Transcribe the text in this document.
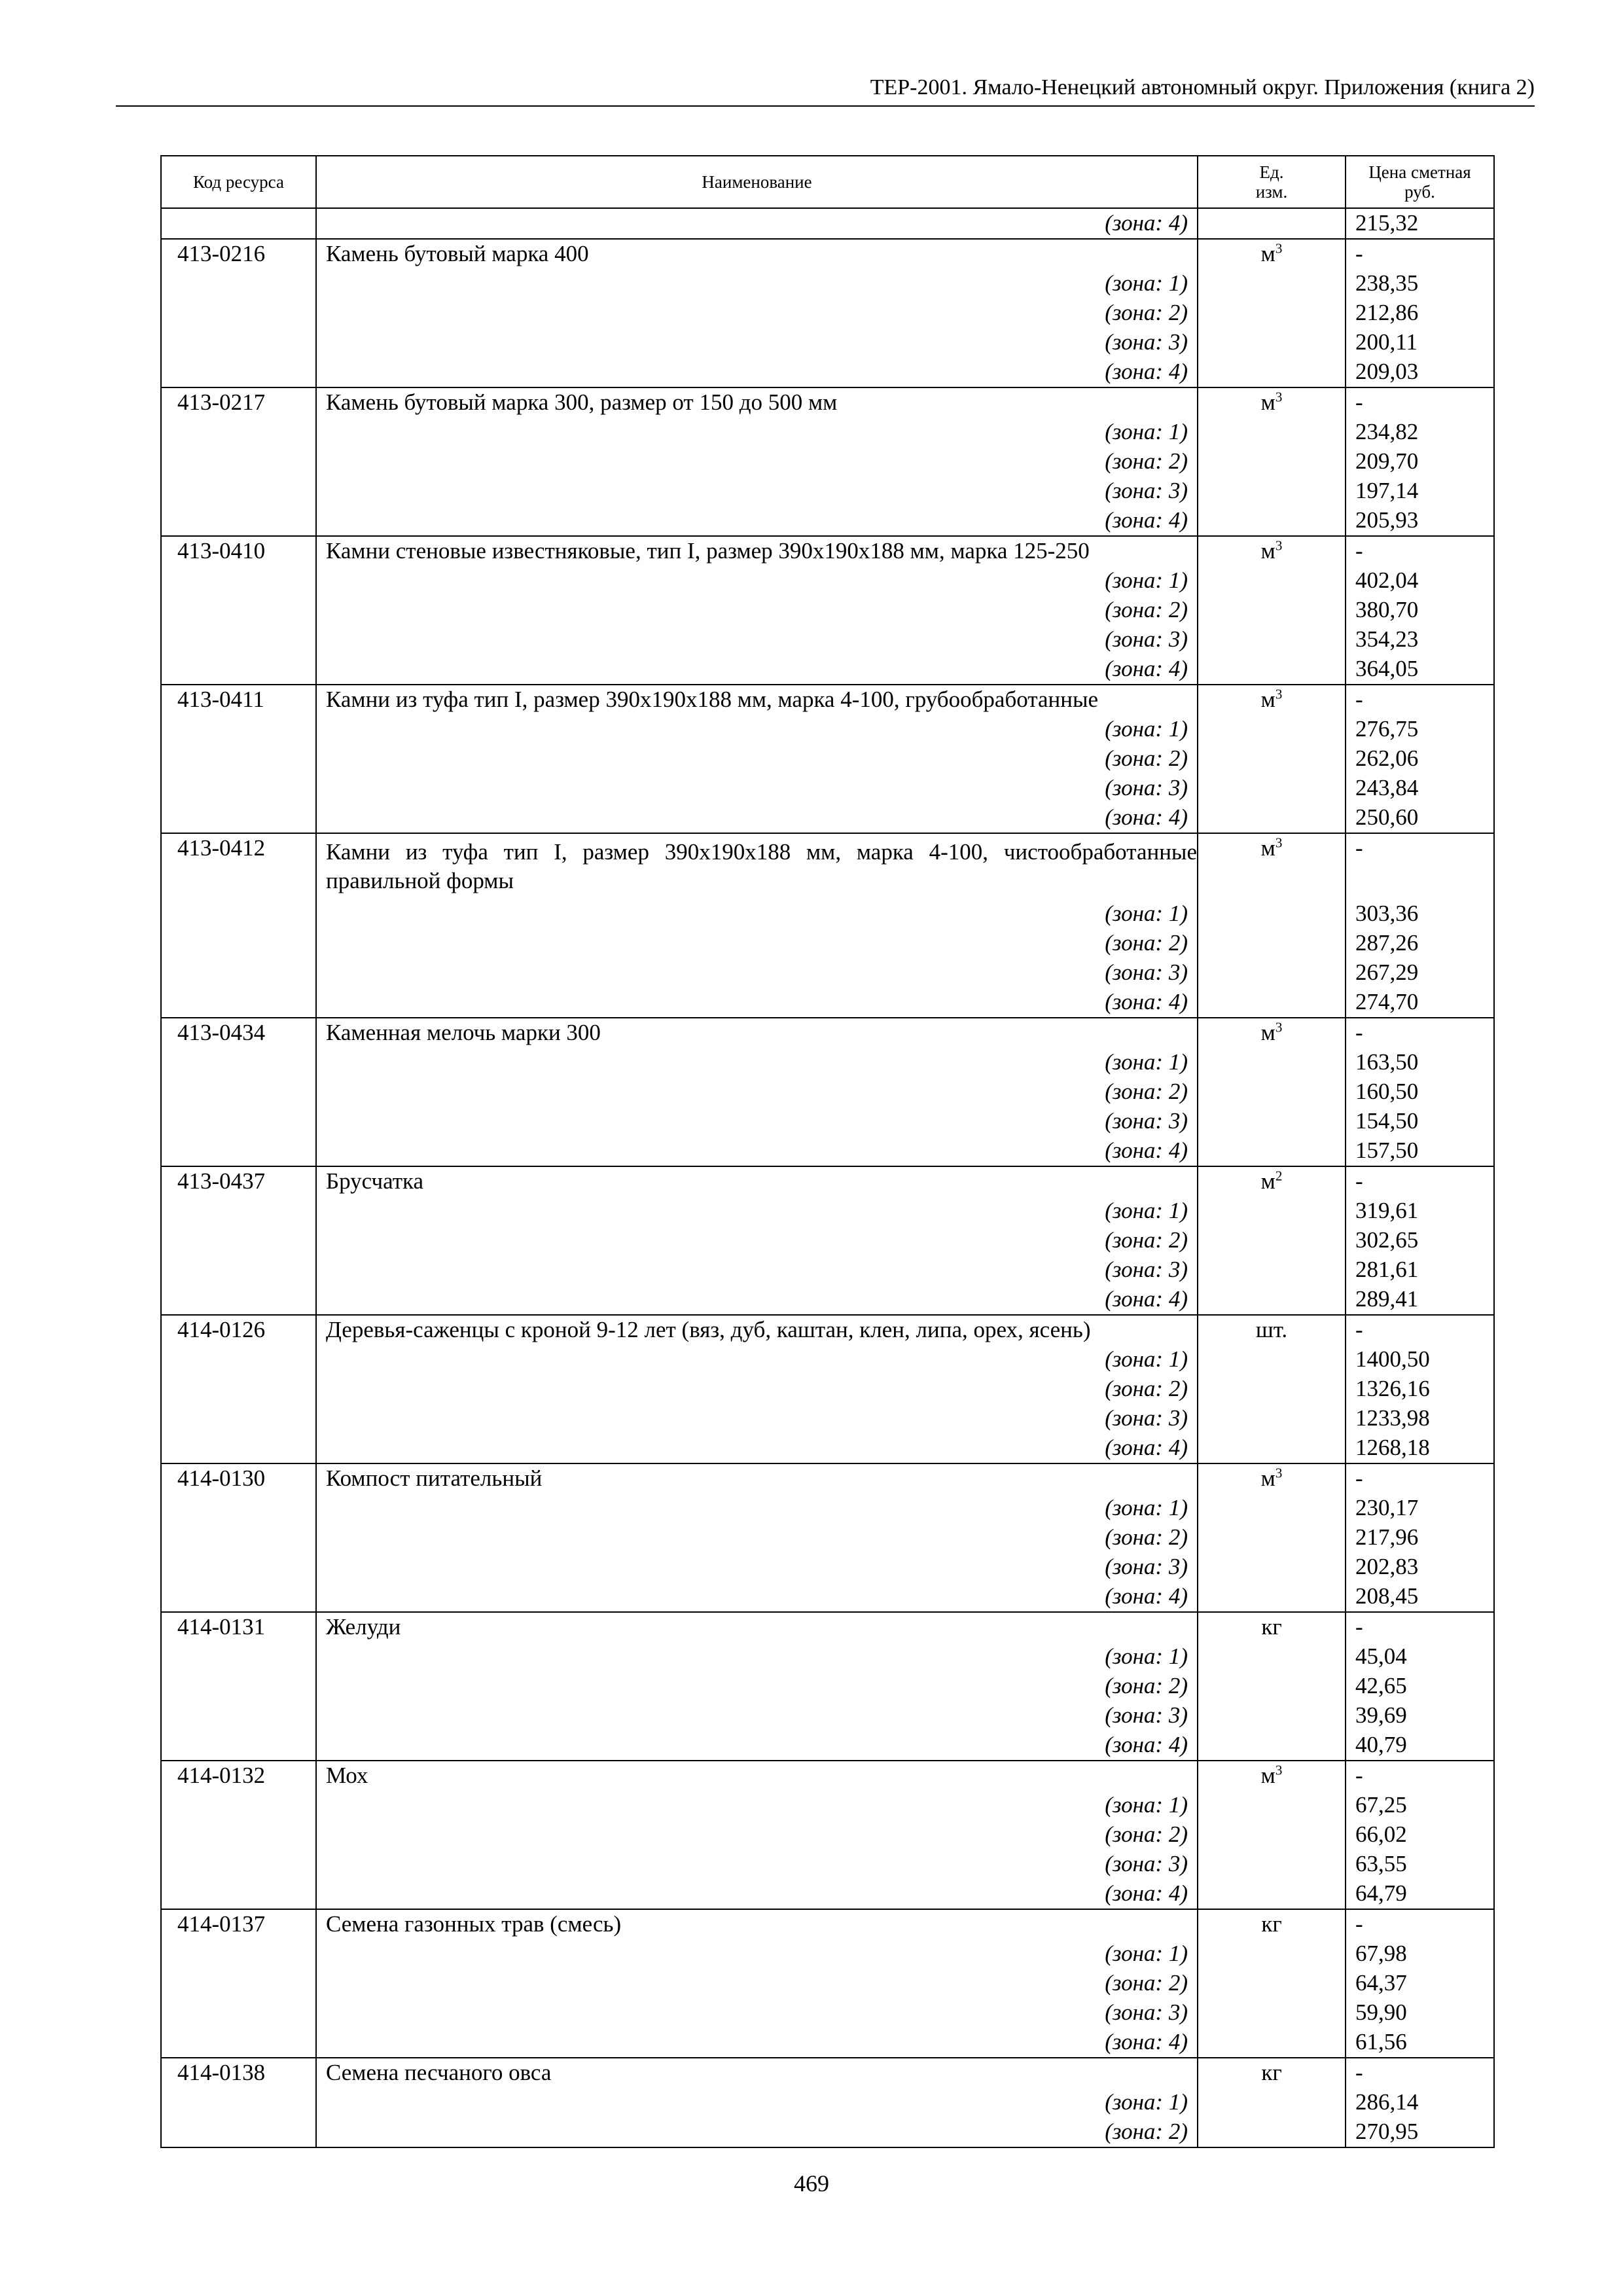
ТЕР-2001. Ямало-Ненецкий автономный округ. Приложения (книга 2)
Код ресурса	Наименование	Ед. изм.	Цена сметная руб.
	(зона: 4)		215,32
413-0216	Камень бутовый марка 400	$м^3$	-
	(зона: 1)		238,35
	(зона: 2)		212,86
	(зона: 3)		200,11
	(зона: 4)		209,03
413-0217	Камень бутовый марка 300, размер от 150 до 500 мм	$м^3$	-
	(зона: 1)		234,82
	(зона: 2)		209,70
	(зона: 3)		197,14
	(зона: 4)		205,93
413-0410	Камни стеновые известняковые, тип I, размер 390x190x188 мм, марка 125-250	$м^3$	-
	(зона: 1)		402,04
	(зона: 2)		380,70
	(зона: 3)		354,23
	(зона: 4)		364,05
413-0411	Камни из туфа тип I, размер 390x190x188 мм, марка 4-100, грубообработанные	$м^3$	-
	(зона: 1)		276,75
	(зона: 2)		262,06
	(зона: 3)		243,84
	(зона: 4)		250,60
413-0412	Камни из туфа тип I, размер 390x190x188 мм, марка 4-100, чистообработанные правильной формы	$м^3$	-
	(зона: 1)		303,36
	(зона: 2)		287,26
	(зона: 3)		267,29
	(зона: 4)		274,70
413-0434	Каменная мелочь марки 300	$м^3$	-
	(зона: 1)		163,50
	(зона: 2)		160,50
	(зона: 3)		154,50
	(зона: 4)		157,50
413-0437	Брусчатка	$м^2$	-
	(зона: 1)		319,61
	(зона: 2)		302,65
	(зона: 3)		281,61
	(зона: 4)		289,41
414-0126	Деревья-саженцы с кроной 9-12 лет (вяз, дуб, каштан, клен, липа, орех, ясень)	шт.	-
	(зона: 1)		1400,50
	(зона: 2)		1326,16
	(зона: 3)		1233,98
	(зона: 4)		1268,18
414-0130	Компост питательный	$м^3$	-
	(зона: 1)		230,17
	(зона: 2)		217,96
	(зона: 3)		202,83
	(зона: 4)		208,45
414-0131	Желуди	кг	-
	(зона: 1)		45,04
	(зона: 2)		42,65
	(зона: 3)		39,69
	(зона: 4)		40,79
414-0132	Мох	$м^3$	-
	(зона: 1)		67,25
	(зона: 2)		66,02
	(зона: 3)		63,55
	(зона: 4)		64,79
414-0137	Семена газонных трав (смесь)	кг	-
	(зона: 1)		67,98
	(зона: 2)		64,37
	(зона: 3)		59,90
	(зона: 4)		61,56
414-0138	Семена песчаного овса	кг	-
	(зона: 1)		286,14
	(зона: 2)		270,95
469
